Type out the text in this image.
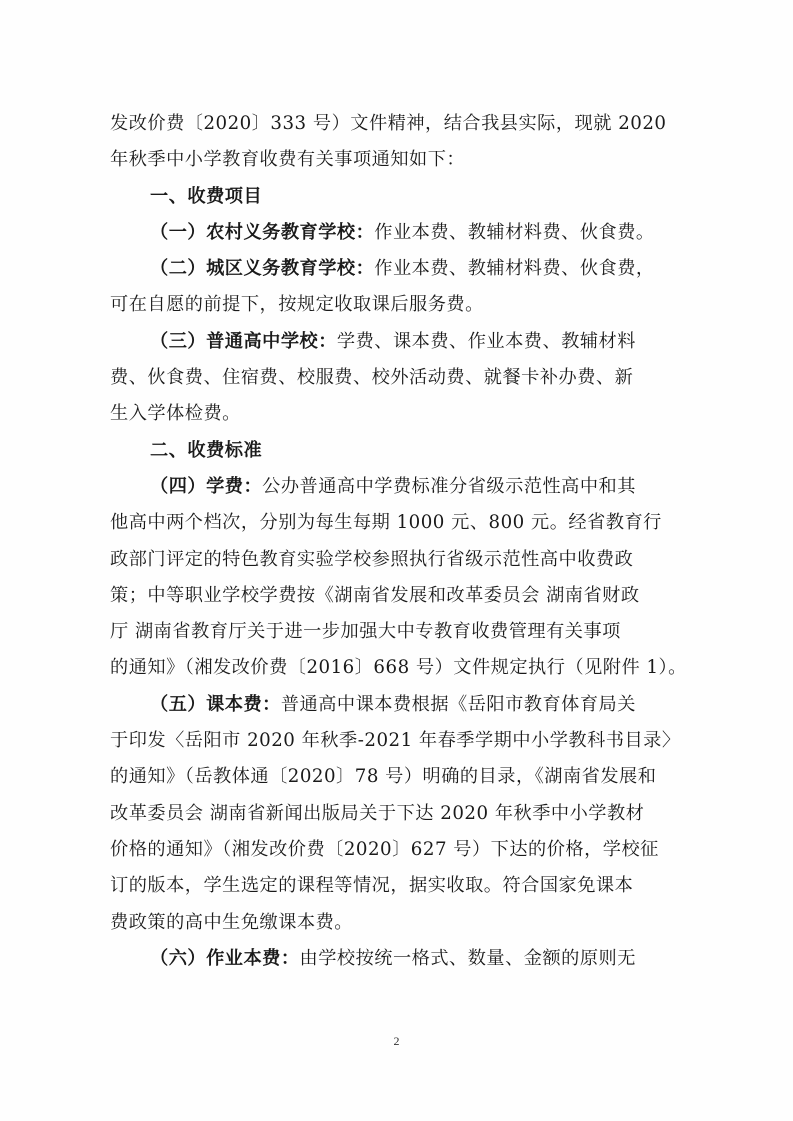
发改价费〔2020〕333 号）文件精神，结合我县实际，现就 2020
年秋季中小学教育收费有关事项通知如下：
一、收费项目
（一）农村义务教育学校：作业本费、教辅材料费、伙食费。
（二）城区义务教育学校：作业本费、教辅材料费、伙食费，
可在自愿的前提下，按规定收取课后服务费。
（三）普通高中学校：学费、课本费、作业本费、教辅材料
费、伙食费、住宿费、校服费、校外活动费、就餐卡补办费、新
生入学体检费。
二、收费标准
（四）学费：公办普通高中学费标准分省级示范性高中和其
他高中两个档次，分别为每生每期 1000 元、800 元。经省教育行
政部门评定的特色教育实验学校参照执行省级示范性高中收费政
策；中等职业学校学费按《湖南省发展和改革委员会 湖南省财政
厅 湖南省教育厅关于进一步加强大中专教育收费管理有关事项
的通知》（湘发改价费〔2016〕668 号）文件规定执行（见附件 1）。
（五）课本费：普通高中课本费根据《岳阳市教育体育局关
于印发〈岳阳市 2020 年秋季-2021 年春季学期中小学教科书目录〉
的通知》（岳教体通〔2020〕78 号）明确的目录，《湖南省发展和
改革委员会 湖南省新闻出版局关于下达 2020 年秋季中小学教材
价格的通知》（湘发改价费〔2020〕627 号）下达的价格，学校征
订的版本，学生选定的课程等情况，据实收取。符合国家免课本
费政策的高中生免缴课本费。
（六）作业本费：由学校按统一格式、数量、金额的原则无
2
